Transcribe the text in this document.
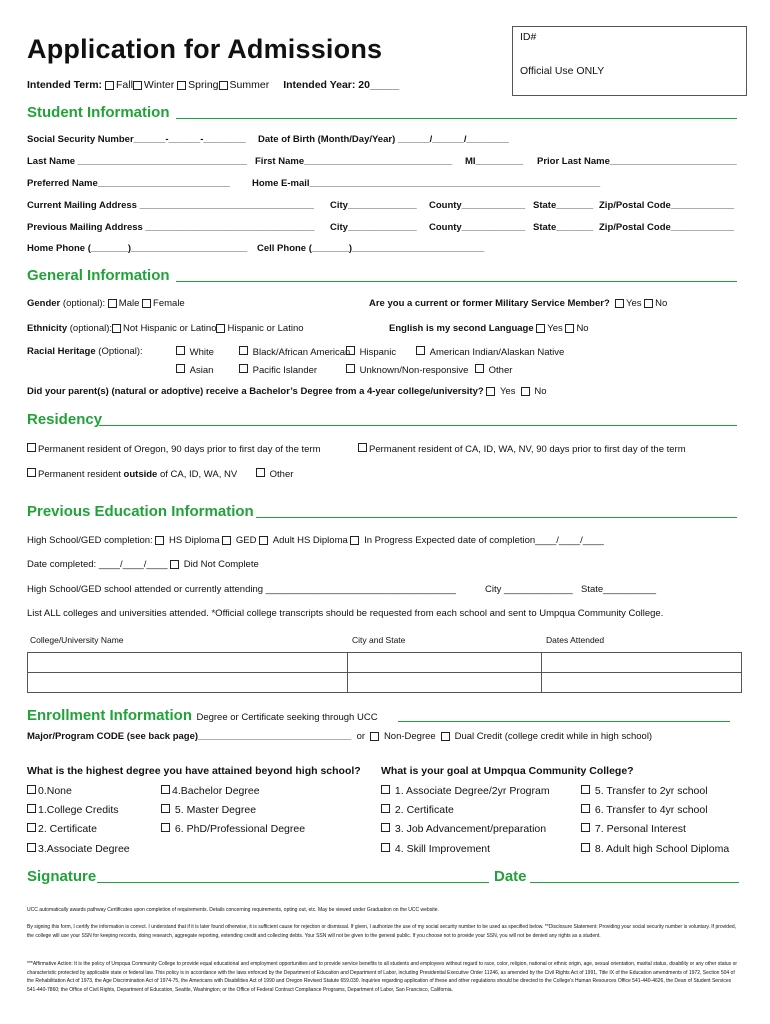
Application for Admissions	ID#
Official Use ONLY
Intended Term:
Fall Winter
Spring Summer Intended Year: 20_____
Student Information
Social Security Number______-______-________ Date of Birth (Month/Day/Year) ______/______/________
Last Name ________________________________ First Name____________________________ MI_________ Prior Last Name________________________
Preferred Name_________________________ Home E-mail_______________________________________________________
Current Mailing Address _________________________________ City_____________ County____________ State_______ Zip/Postal Code____________
Previous Mailing Address ________________________________ City_____________ County____________ State_______ Zip/Postal Code____________
Home Phone (_______)______________________ Cell Phone (_______)_________________________
General Information
Gender
(optional):
Male
Female	Are you a current or former Military Service Member?
Yes
No
Ethnicity
(optional): Not Hispanic or Latino Hispanic or Latino	English is my second Language
Yes
No
Racial Heritage
(Optional):	White	Black/African American Hispanic	American Indian/Alaskan Native
Asian	Pacific Islander	Unknown/Non-responsive	Other
Did your parent(s) (natural or adoptive) receive a Bachelor’s Degree from a 4-year college/university?

Yes

No
Residency
Permanent resident of Oregon, 90 days prior to first day of the term	Permanent resident of CA, ID, WA, NV, 90 days prior to first day of the term
Permanent resident outside of CA, ID, WA, NV	Other
Previous Education Information
High School/GED completion:

HS Diploma

GED

Adult HS Diploma

In Progress
Expected date of completion____/____/____
Date completed: ____/____/____

Did Not Complete
High School/GED school attended or currently attending ____________________________________	City _____________ State__________
List ALL colleges and universities attended. *Official college transcripts should be requested from each school and sent to Umpqua Community College.
College/University Name	City and State	Dates Attended

Enrollment Information
Degree or Certificate seeking through UCC
Major/Program CODE (see back page)_____________________________
or

Non-Degree

Dual Credit (college credit while in high school)
What is the highest degree you have attained beyond high school? What is your goal at Umpqua Community College?
0.None
1.College Credits
2. Certificate
3.Associate Degree
4.Bachelor Degree
5. Master Degree
6. PhD/Professional Degree
1. Associate Degree/2yr Program
2. Certificate
3. Job Advancement/preparation
4. Skill Improvement
5. Transfer to 2yr school
6. Transfer to 4yr school
7. Personal Interest
8. Adult high School Diploma
Signature	Date
UCC automatically awards pathway Certificates upon completion of requirements. Details concerning requirements, opting out, etc. May be viewed under Graduation on the UCC website.
By signing this form, I certify the information is correct. I understand that if it is later found otherwise, it is sufficient cause for rejection or dismissal. If given, I authorize the use of my social security number to be used as specified below. **Disclosure Statement: Providing your social security number is voluntary. If provided, the college will use your SSN for keeping records, doing research, aggregate reporting, extending credit and collecting debts. Your SSN will not be given to the general public. If you choose not to provide your SSN, you will not be denied any rights as a student.
***Affirmative Action: It is the policy of Umpqua Community College to provide equal educational and employment opportunities and to provide service benefits to all students and employees without regard to race, color, religion, national or ethnic origin, age, sexual orientation, marital status, disability or any other status or characteristic protected by applicable state or federal law. This policy is in accordance with the laws enforced by the Department of Education and Department of Labor, including Presidential Executive Order 11246, as amended by the Civil Rights Act of 1991, Title IX of the Education amendments of 1972, Section 504 of the Rehabilitation Act of 1973, the Age Discrimination Act of 1974-75, the Americans with Disabilities Act of 1990 and Oregon Revised Statute 659.030. Inquiries regarding application of these and other regulations should be directed to the College’s Human Resources Office 541-440-4626, the Dean of Student Services 541-440-7860; the Office of Civil Rights, Department of Education, Seattle, Washington; or the Office of Federal Contract Compliance Programs, Department of Labor, San Francisco, California.
